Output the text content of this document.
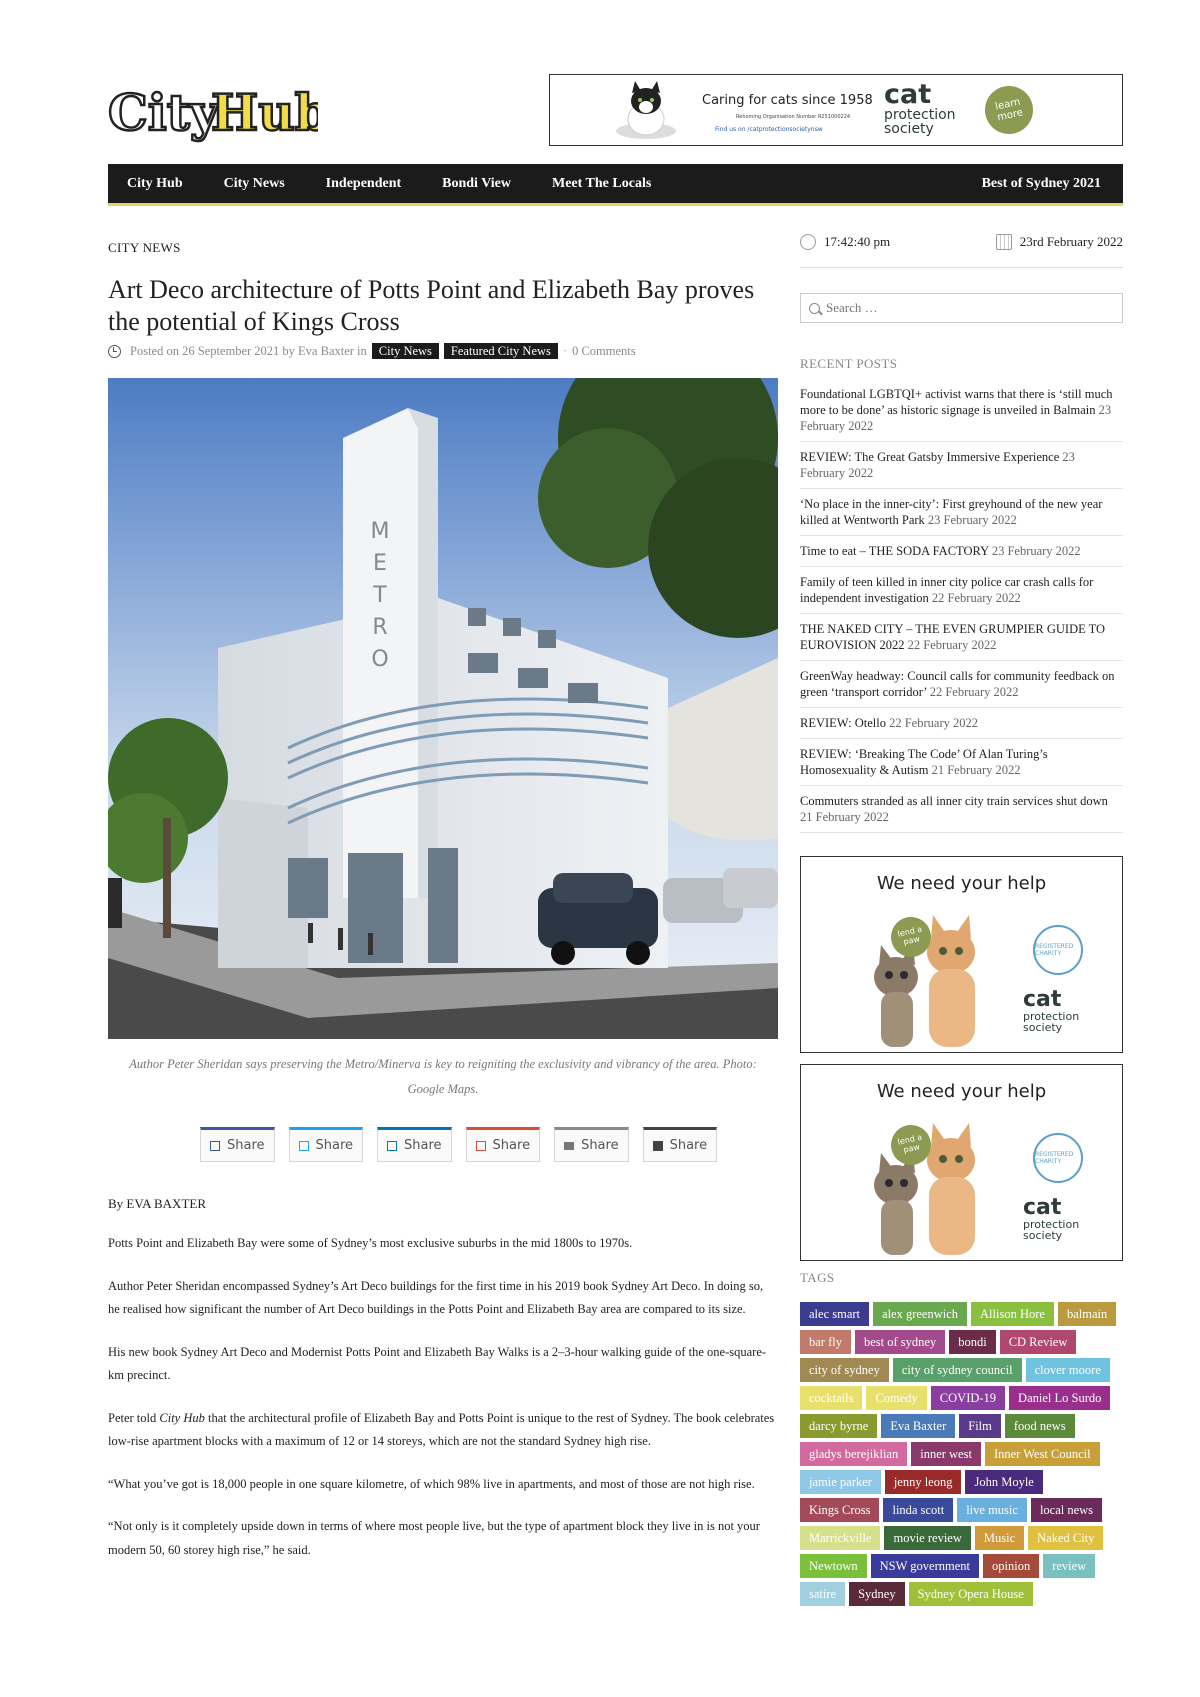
City
Hub	Caring for cats since 1958
Rehoming Organisation Number R251000224
Find us on /catprotectionsocietynsw
cat
protection
society
learn more
City Hub	City News	Independent	Bondi View	Meet The Locals	Best of Sydney 2021
CITY NEWS
Art Deco architecture of Potts Point and Elizabeth Bay proves the potential of Kings Cross
Posted on 26 September 2021 by Eva Baxter in City News	Featured City News · 0 Comments
M E T R O
Author Peter Sheridan says preserving the Metro/Minerva is key to reigniting the exclusivity and vibrancy of the area. Photo: Google Maps.
Share	Share	Share	Share	Share	Share
By EVA BAXTER

Potts Point and Elizabeth Bay were some of Sydney’s most exclusive suburbs in the mid 1800s to 1970s.

Author Peter Sheridan encompassed Sydney’s Art Deco buildings for the first time in his 2019 book Sydney Art Deco. In doing so, he realised how significant the number of Art Deco buildings in the Potts Point and Elizabeth Bay area are compared to its size.

His new book Sydney Art Deco and Modernist Potts Point and Elizabeth Bay Walks is a 2–3-hour walking guide of the one-square-km precinct.

Peter told City Hub that the architectural profile of Elizabeth Bay and Potts Point is unique to the rest of Sydney. The book celebrates low-rise apartment blocks with a maximum of 12 or 14 storeys, which are not the standard Sydney high rise.

“What you’ve got is 18,000 people in one square kilometre, of which 98% live in apartments, and most of those are not high rise.

“Not only is it completely upside down in terms of where most people live, but the type of apartment block they live in is not your modern 50, 60 storey high rise,” he said.

17:42:40 pm	23rd February 2022
Search …
RECENT POSTS
Foundational LGBTQI+ activist warns that there is ‘still much more to be done’ as historic signage is unveiled in Balmain 23 February 2022
REVIEW: The Great Gatsby Immersive Experience 23 February 2022
‘No place in the inner-city’: First greyhound of the new year killed at Wentworth Park 23 February 2022
Time to eat – THE SODA FACTORY 23 February 2022
Family of teen killed in inner city police car crash calls for independent investigation 22 February 2022
THE NAKED CITY – THE EVEN GRUMPIER GUIDE TO EUROVISION 2022 22 February 2022
GreenWay headway: Council calls for community feedback on green ‘transport corridor’ 22 February 2022
REVIEW: Otello 22 February 2022
REVIEW: ‘Breaking The Code’ Of Alan Turing’s Homosexuality & Autism 21 February 2022
Commuters stranded as all inner city train services shut down 21 February 2022
We need your help
lend a paw	REGISTERED CHARITY
cat
protection
society
We need your help
lend a paw	REGISTERED CHARITY
cat
protection
society
TAGS
alec smart	alex greenwich	Allison Hore	balmain
bar fly	best of sydney	bondi	CD Review
city of sydney	city of sydney council	clover moore
cocktails	Comedy	COVID-19	Daniel Lo Surdo
darcy byrne	Eva Baxter	Film	food news
gladys berejiklian	inner west	Inner West Council
jamie parker	jenny leong	John Moyle
Kings Cross	linda scott	live music	local news
Marrickville	movie review	Music	Naked City
Newtown	NSW government	opinion	review
satire	Sydney	Sydney Opera House
